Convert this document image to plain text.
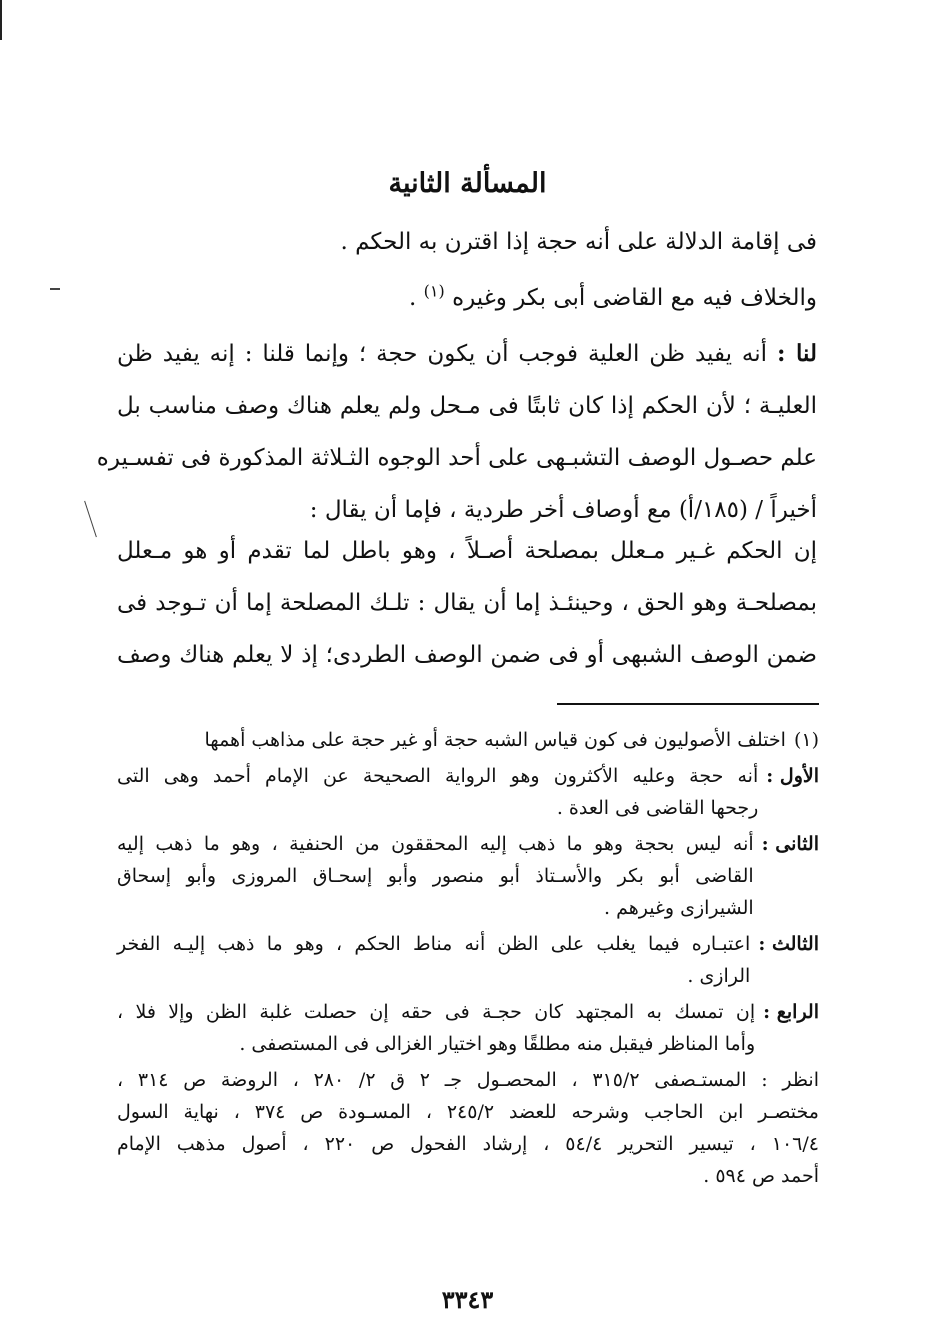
المسألة الثانية
فى إقامة الدلالة على أنه حجة إذا اقترن به الحكم .
والخلاف فيه مع القاضى أبى بكر وغيره $^{(١)}$ .
لنا : أنه يفيد ظن العلية فوجب أن يكون حجة ؛ وإنما قلنا : إنه يفيد ظن
العليـة ؛ لأن الحكم إذا كان ثابتًا فى مـحل ولم يعلم هناك وصف مناسب بل
علم حصـول الوصف التشبـهى على أحد الوجوه الثـلاثة المذكورة فى تفسـيره
أخيراً / (١٨٥/أ) مع أوصاف أخر طردية ، فإما أن يقال :
إن الحكم غـير مـعلل بمصلحة أصـلاً ، وهو باطل لما تقدم أو هو مـعلل
بمصلحـة وهو الحق ، وحينئـذ إما أن يقال : تلـك المصلحة إما أن تـوجد فى
ضمن الوصف الشبهى أو فى ضمن الوصف الطردى؛ إذ لا يعلم هناك وصف
(١)
اختلف الأصوليون فى كون قياس الشبه حجة أو غير حجة على مذاهب أهمها
الأول :
أنه حجة وعليه الأكثرون وهو الرواية الصحيحة عن الإمام أحمد وهى التى
رجحها القاضى فى العدة .
الثانى :
أنه ليس بحجة وهو ما ذهب إليه المحققون من الحنفية ، وهو ما ذهب إليه
القاضى أبو بكر والأسـتاذ أبو منصور وأبو إسحـاق المروزى وأبو إسحاق
الشيرازى وغيرهم .
الثالث :
اعتبـاره فيما يغلب على الظن أنه مناط الحكم ، وهو ما ذهب إليـه الفخر
الرازى .
الرابع :
إن تمسك به المجتهد كان حجـة فى حقه إن حصلت غلبة الظن وإلا فلا ،
وأما المناظر فيقبل منه مطلقًا وهو اختيار الغزالى فى المستصفى .
انظر : المستـصفى ٣١٥/٢ ، المحصـول جـ ٢ ق ٢/ ٢٨٠ ، الروضة ص ٣١٤ ،
مختصـر ابن الحاجب وشرحه للعضد ٢٤٥/٢ ، المسـودة ص ٣٧٤ ، نهاية السول
١٠٦/٤ ، تيسير التحرير ٥٤/٤ ، إرشاد الفحول ص ٢٢٠ ، أصول مذهب الإمام
أحمد ص ٥٩٤ .
٣٣٤٣
